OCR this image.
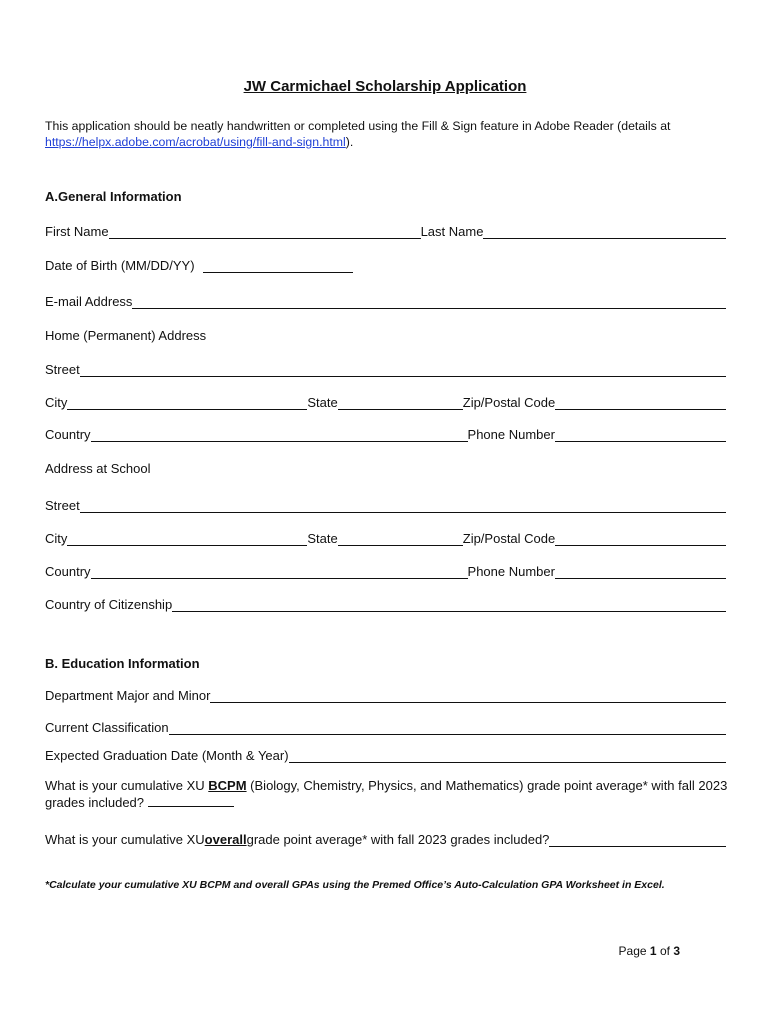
JW Carmichael Scholarship Application
This application should be neatly handwritten or completed using the Fill & Sign feature in Adobe Reader (details at https://helpx.adobe.com/acrobat/using/fill-and-sign.html).
A.General Information
First Name	Last Name
Date of Birth (MM/DD/YY)
E-mail Address
Home (Permanent) Address
Street
City	State	Zip/Postal Code
Country	Phone Number
Address at School
Street
City	State	Zip/Postal Code
Country	Phone Number
Country of Citizenship
B. Education Information
Department Major and Minor
Current Classification
Expected Graduation Date (Month & Year)
What is your cumulative XU BCPM (Biology, Chemistry, Physics, and Mathematics) grade point average* with fall 2023 grades included?
What is your cumulative XU overall grade point average* with fall 2023 grades included?
*Calculate your cumulative XU BCPM and overall GPAs using the Premed Office’s Auto-Calculation GPA Worksheet in Excel.
Page 1 of 3
